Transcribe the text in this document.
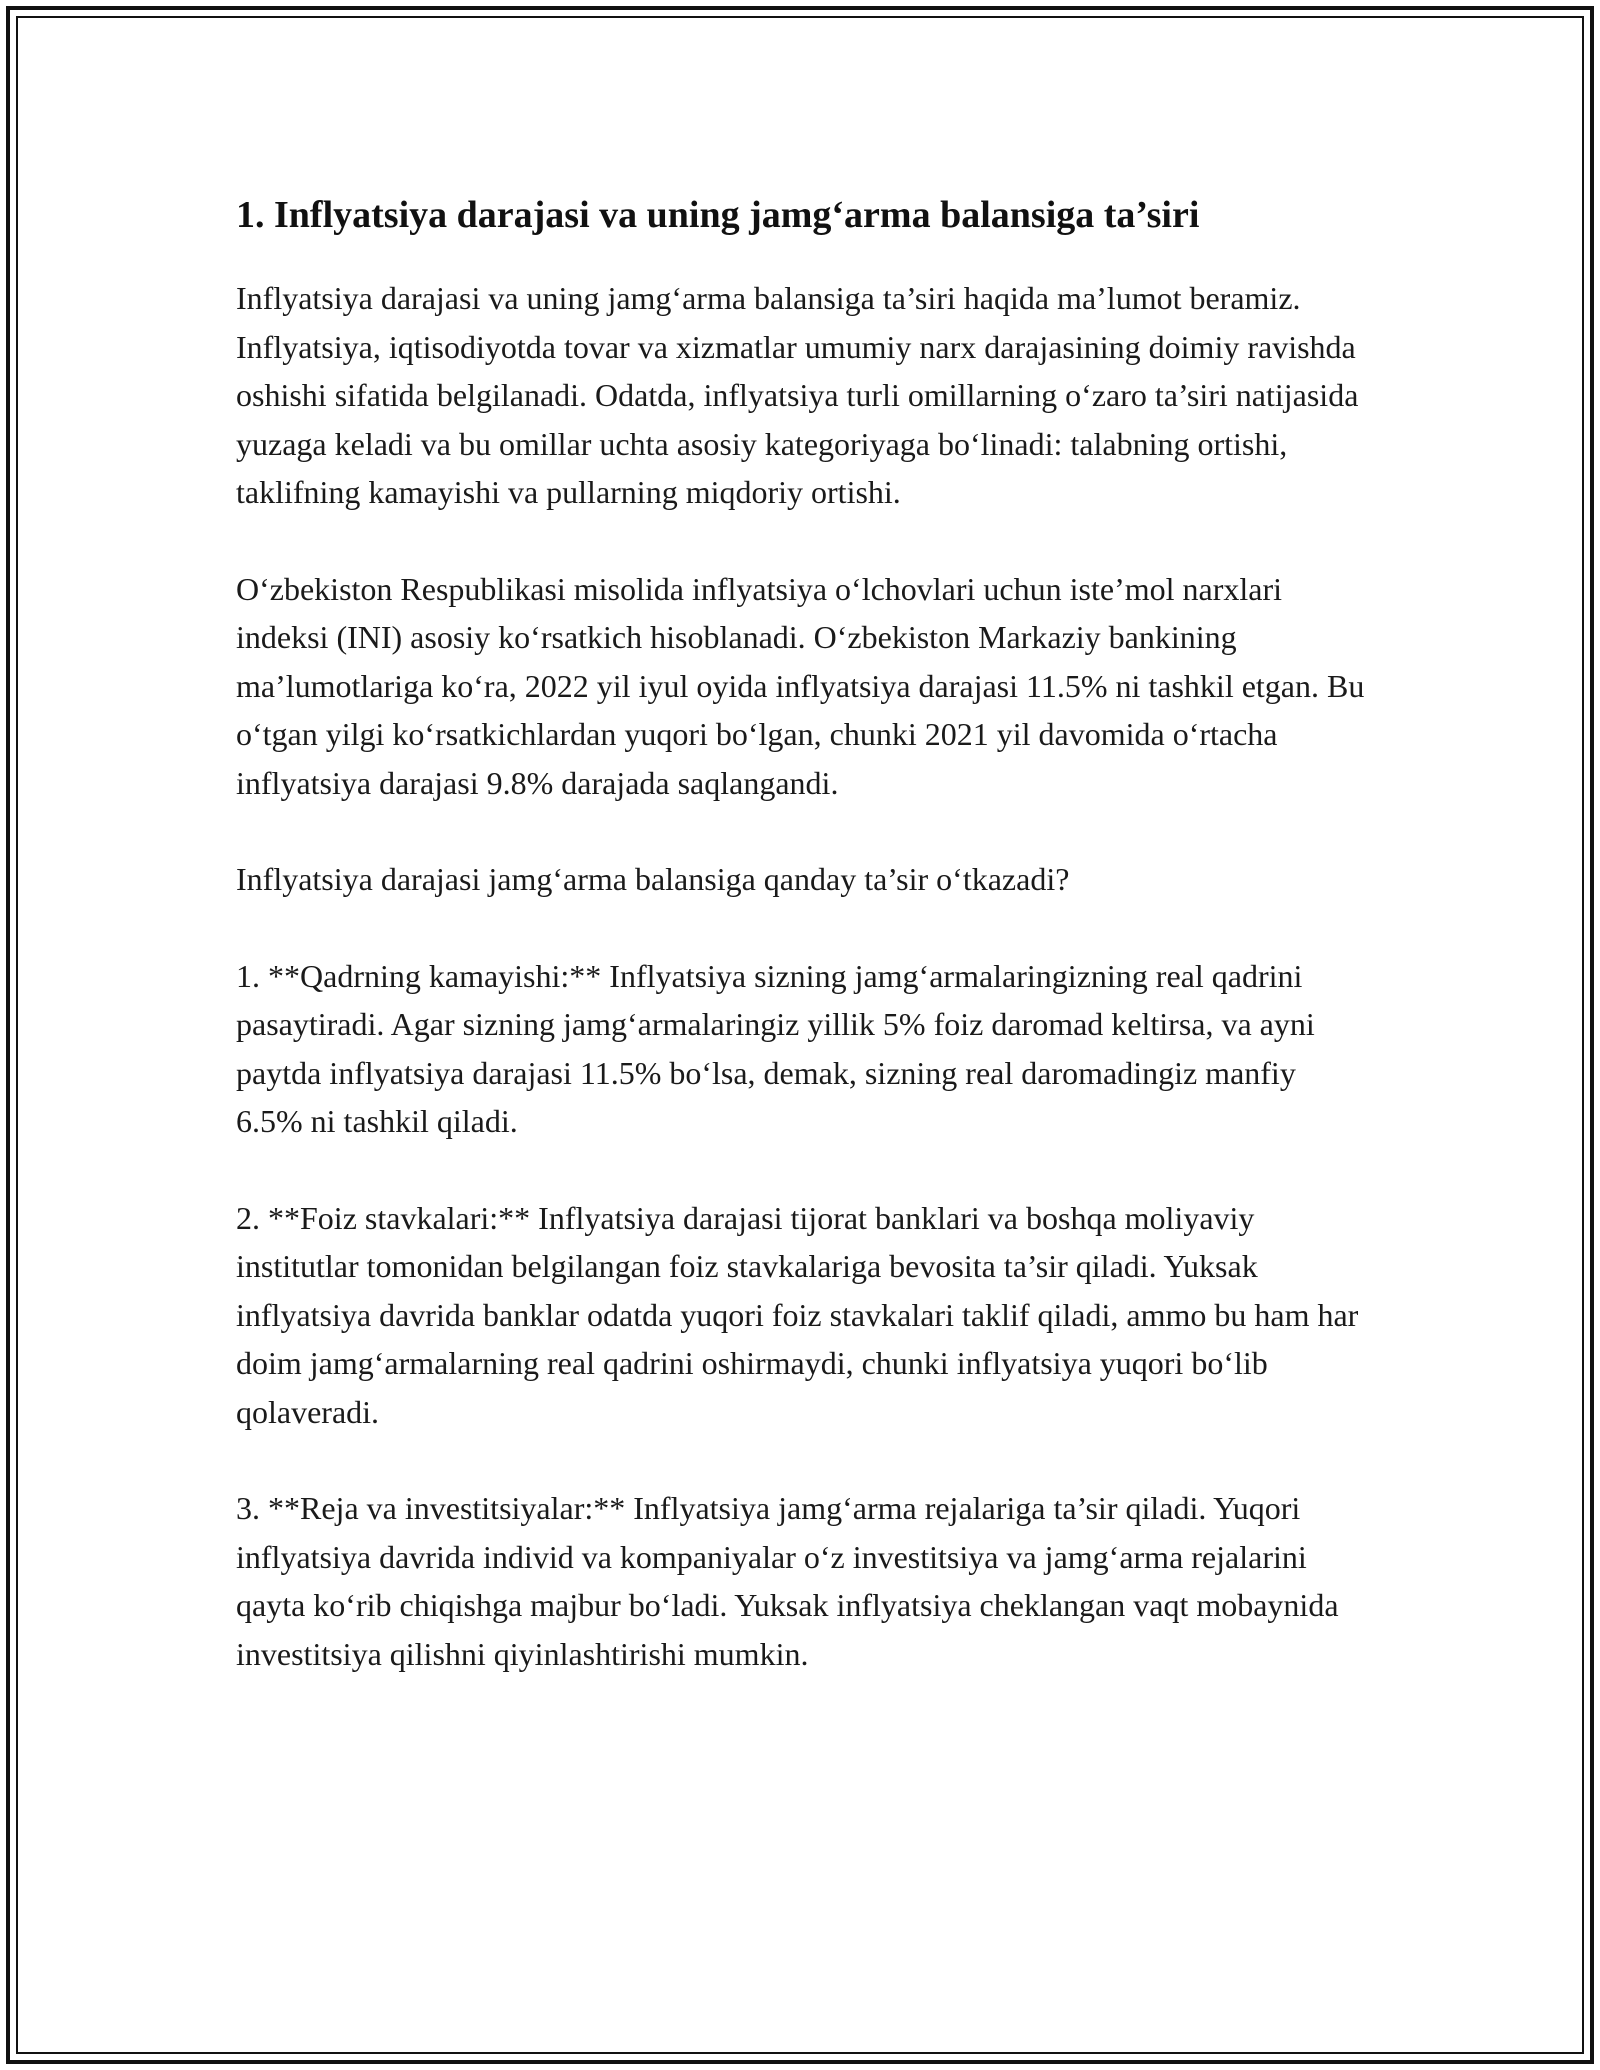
1. Inflyatsiya darajasi va uning jamg‘arma balansiga ta’siri

Inflyatsiya darajasi va uning jamg‘arma balansiga ta’siri haqida ma’lumot beramiz. Inflyatsiya, iqtisodiyotda tovar va xizmatlar umumiy narx darajasining doimiy ravishda oshishi sifatida belgilanadi. Odatda, inflyatsiya turli omillarning o‘zaro ta’siri natijasida yuzaga keladi va bu omillar uchta asosiy kategoriyaga bo‘linadi: talabning ortishi, taklifning kamayishi va pullarning miqdoriy ortishi.

O‘zbekiston Respublikasi misolida inflyatsiya o‘lchovlari uchun iste’mol narxlari indeksi (INI) asosiy ko‘rsatkich hisoblanadi. O‘zbekiston Markaziy bankining ma’lumotlariga ko‘ra, 2022 yil iyul oyida inflyatsiya darajasi 11.5% ni tashkil etgan. Bu o‘tgan yilgi ko‘rsatkichlardan yuqori bo‘lgan, chunki 2021 yil davomida o‘rtacha inflyatsiya darajasi 9.8% darajada saqlangandi.

Inflyatsiya darajasi jamg‘arma balansiga qanday ta’sir o‘tkazadi?

1. **Qadrning kamayishi:** Inflyatsiya sizning jamg‘armalaringizning real qadrini pasaytiradi. Agar sizning jamg‘armalaringiz yillik 5% foiz daromad keltirsa, va ayni paytda inflyatsiya darajasi 11.5% bo‘lsa, demak, sizning real daromadingiz manfiy 6.5% ni tashkil qiladi.

2. **Foiz stavkalari:** Inflyatsiya darajasi tijorat banklari va boshqa moliyaviy institutlar tomonidan belgilangan foiz stavkalariga bevosita ta’sir qiladi. Yuksak inflyatsiya davrida banklar odatda yuqori foiz stavkalari taklif qiladi, ammo bu ham har doim jamg‘armalarning real qadrini oshirmaydi, chunki inflyatsiya yuqori bo‘lib qolaveradi.

3. **Reja va investitsiyalar:** Inflyatsiya jamg‘arma rejalariga ta’sir qiladi. Yuqori inflyatsiya davrida individ va kompaniyalar o‘z investitsiya va jamg‘arma rejalarini qayta ko‘rib chiqishga majbur bo‘ladi. Yuksak inflyatsiya cheklangan vaqt mobaynida investitsiya qilishni qiyinlashtirishi mumkin.
